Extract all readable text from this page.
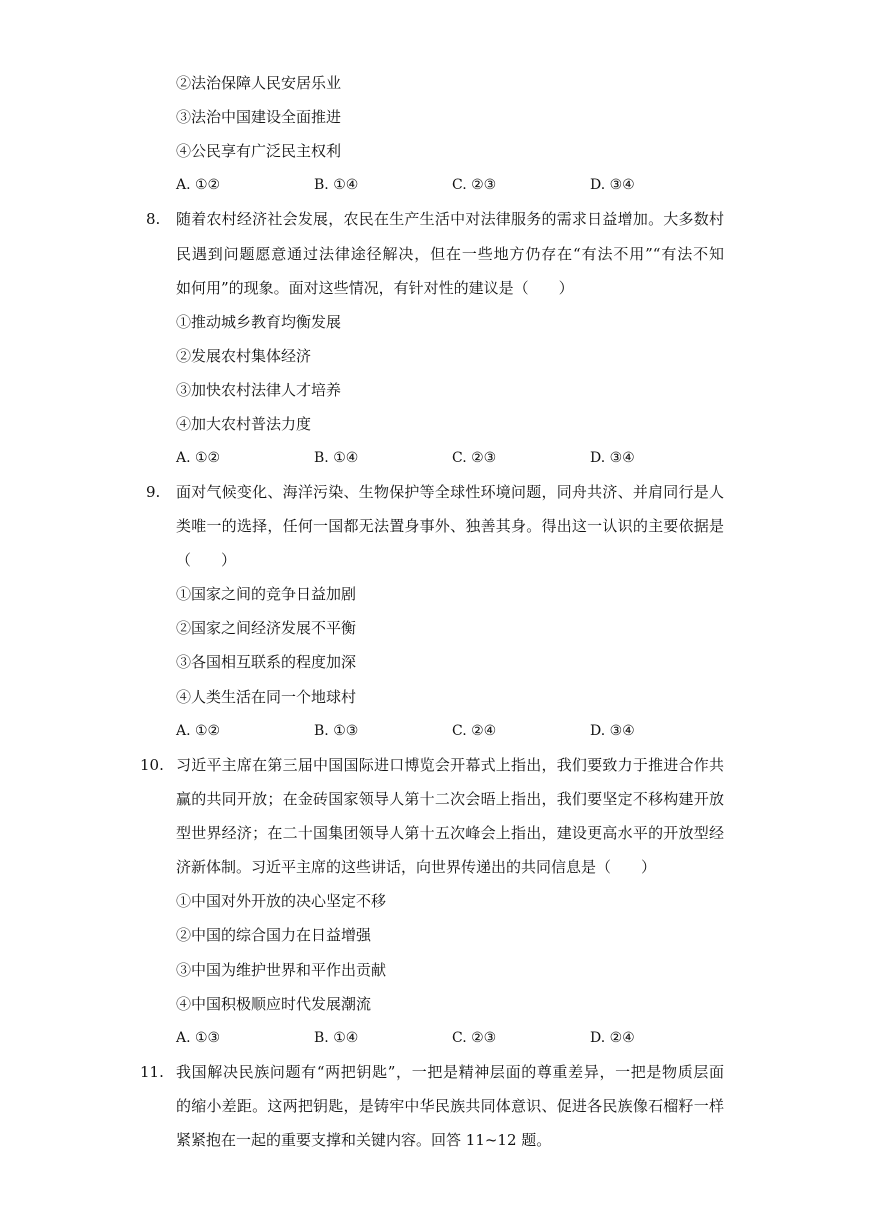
②法治保障人民安居乐业
③法治中国建设全面推进
④公民享有广泛民主权利
A. ①②	B. ①④	C. ②③	D. ③④
8. 随着农村经济社会发展，农民在生产生活中对法律服务的需求日益增加。大多数村
民遇到问题愿意通过法律途径解决，但在一些地方仍存在“有法不用”“有法不知
如何用”的现象。面对这些情况，有针对性的建议是（　　）
①推动城乡教育均衡发展
②发展农村集体经济
③加快农村法律人才培养
④加大农村普法力度
A. ①②	B. ①④	C. ②③	D. ③④
9. 面对气候变化、海洋污染、生物保护等全球性环境问题，同舟共济、并肩同行是人
类唯一的选择，任何一国都无法置身事外、独善其身。得出这一认识的主要依据是
（　　）
①国家之间的竞争日益加剧
②国家之间经济发展不平衡
③各国相互联系的程度加深
④人类生活在同一个地球村
A. ①②	B. ①③	C. ②④	D. ③④
10. 习近平主席在第三届中国国际进口博览会开幕式上指出，我们要致力于推进合作共
赢的共同开放；在金砖国家领导人第十二次会晤上指出，我们要坚定不移构建开放
型世界经济；在二十国集团领导人第十五次峰会上指出，建设更高水平的开放型经
济新体制。习近平主席的这些讲话，向世界传递出的共同信息是（　　）
①中国对外开放的决心坚定不移
②中国的综合国力在日益增强
③中国为维护世界和平作出贡献
④中国积极顺应时代发展潮流
A. ①③	B. ①④	C. ②③	D. ②④
11. 我国解决民族问题有“两把钥匙”，一把是精神层面的尊重差异，一把是物质层面
的缩小差距。这两把钥匙，是铸牢中华民族共同体意识、促进各民族像石榴籽一样
紧紧抱在一起的重要支撑和关键内容。回答 11~12 题。
